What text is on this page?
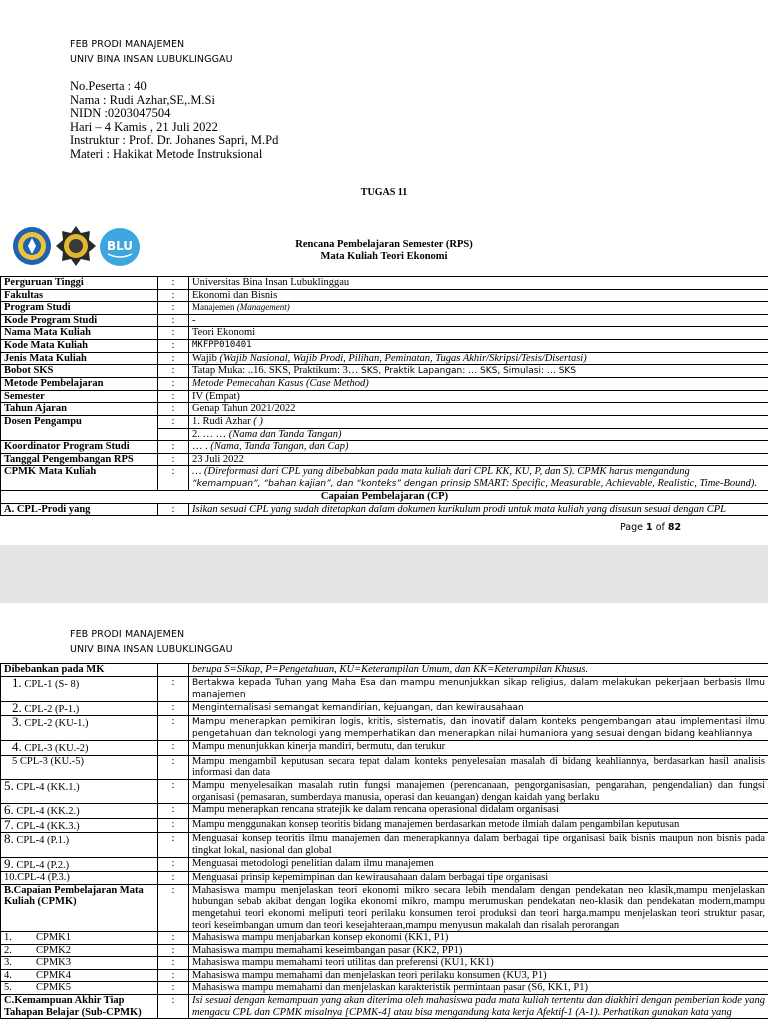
FEB PRODI MANAJEMEN
UNIV BINA INSAN LUBUKLINGGAU
No.Peserta : 40
Nama : Rudi Azhar,SE,.M.Si
NIDN :0203047504
Hari – 4 Kamis , 21 Juli 2022
Instruktur : Prof. Dr. Johanes Sapri, M.Pd
Materi : Hakikat Metode Instruksional
TUGAS 11
BLU	Rencana Pembelajaran Semester (RPS)
Mata Kuliah Teori Ekonomi
Perguruan Tinggi	:	Universitas Bina Insan Lubuklinggau
Fakultas	:	Ekonomi dan Bisnis
Program Studi	:	Manajemen (Management)
Kode Program Studi	:	-
Nama Mata Kuliah	:	Teori Ekonomi
Kode Mata Kuliah	:	MKFPP010401
Jenis Mata Kuliah	:	Wajib (Wajib Nasional, Wajib Prodi, Pilihan, Peminatan, Tugas Akhir/Skripsi/Tesis/Disertasi)
Bobot SKS	:	Tatap Muka: ..16. SKS, Praktikum: 3… SKS, Praktik Lapangan: … SKS, Simulasi: … SKS
Metode Pembelajaran	:	Metode Pemecahan Kasus (Case Method)
Semester	:	IV (Empat)
Tahun Ajaran	:	Genap Tahun 2021/2022
Dosen Pengampu	:	1. Rudi Azhar ( )
		2. … … (Nama dan Tanda Tangan)
Koordinator Program Studi	:	… . (Nama, Tanda Tangan, dan Cap)
Tanggal Pengembangan RPS	:	23 Juli 2022
CPMK Mata Kuliah	:	… (Direformasi dari CPL yang dibebabkan pada mata kuliah dari CPL KK, KU, P, dan S). CPMK harus mengandung
“kemampuan”, “bahan kajian”, dan “konteks” dengan prinsip SMART: Specific, Measurable, Achievable, Realistic, Time-Bound).

Capaian Pembelajaran (CP)		
A. CPL-Prodi yang	:	Isikan sesuai CPL yang sudah ditetapkan dalam dokumen kurikulum prodi untuk mata kuliah yang disusun sesuai dengan CPL
Page 1 of 82
FEB PRODI MANAJEMEN
UNIV BINA INSAN LUBUKLINGGAU
Dibebankan pada MK		berupa S=Sikap, P=Pengetahuan, KU=Keterampilan Umum, dan KK=Keterampilan Khusus.
1. CPL-1 (S- 8)	:	Bertakwa kepada Tuhan yang Maha Esa dan mampu menunjukkan sikap religius, dalam melakukan pekerjaan berbasis Ilmu manajemen
2. CPL-2 (P-1.)	:	Menginternalisasi semangat kemandirian, kejuangan, dan kewirausahaan
3. CPL-2 (KU-1.)	:	Mampu menerapkan pemikiran logis, kritis, sistematis, dan inovatif dalam konteks pengembangan atau implementasi ilmu pengetahuan dan teknologi yang memperhatikan dan menerapkan nilai humaniora yang sesuai dengan bidang keahliannya
4. CPL-3 (KU.-2)	:	Mampu menunjukkan kinerja mandiri, bermutu, dan terukur
5 CPL-3 (KU.-5)	:	Mampu mengambil keputusan secara tepat dalam konteks penyelesaian masalah di bidang keahliannya, berdasarkan hasil analisis informasi dan data
5. CPL-4 (KK.1.)	:	Mampu menyelesaikan masalah rutin fungsi manajemen (perencanaan, pengorganisasian, pengarahan, pengendalian) dan fungsi organisasi (pemasaran, sumberdaya manusia, operasi dan keuangan) dengan kaidah yang berlaku
6. CPL-4 (KK.2.)	:	Mampu menerapkan rencana stratejik ke dalam rencana operasional didalam organisasi
7. CPL-4 (KK.3.)	:	Mampu menggunakan konsep teoritis bidang manajemen berdasarkan metode ilmiah dalam pengambilan keputusan
8. CPL-4 (P.1.)	:	Menguasai konsep teoritis ilmu manajemen dan menerapkannya dalam berbagai tipe organisasi baik bisnis maupun non bisnis pada tingkat lokal, nasional dan global
9. CPL-4 (P.2.)	:	Menguasai metodologi penelitian dalam ilmu manajemen
10.CPL-4 (P.3.)	:	Menguasai prinsip kepemimpinan dan kewirausahaan dalam berbagai tipe organisasi
B.Capaian Pembelajaran Mata Kuliah (CPMK)	:	Mahasiswa mampu menjelaskan teori ekonomi mikro secara lebih mendalam dengan pendekatan neo klasik,mampu menjelaskan hubungan sebab akibat dengan logika ekonomi mikro, mampu merumuskan pendekatan neo-klasik dan pendekatan modern,mampu mengetahui teori ekonomi meliputi teori perilaku konsumen teroi produksi dan teori harga.mampu menjelaskan teori struktur pasar, teori keseimbangan umum dan teori kesejahteraan,mampu menyusun makalah dan risalah perorangan
1. CPMK1	:	Mahasiswa mampu menjabarkan konsep ekonomi (KK1, P1)
2. CPMK2	:	Mahasiswa mampu memahami keseimbangan pasar (KK2, PP1)
3. CPMK3	:	Mahasiswa mampu memahami teori utilitas dan preferensi (KU1, KK1)
4. CPMK4	:	Mahasiswa mampu memahami dan menjelaskan teori perilaku konsumen (KU3, P1)
5. CPMK5	:	Mahasiswa mampu memahami dan menjelaskan karakteristik permintaan pasar (S6, KK1, P1)
C.Kemampuan Akhir Tiap Tahapan Belajar (Sub-CPMK)	:	Isi sesuai dengan kemampuan yang akan diterima oleh mahasiswa pada mata kuliah tertentu dan diakhiri dengan pemberian kode yang mengacu CPL dan CPMK misalnya [CPMK-4] atau bisa mengandung kata kerja Afektif-1 (A-1). Perhatikan gunakan kata yang
